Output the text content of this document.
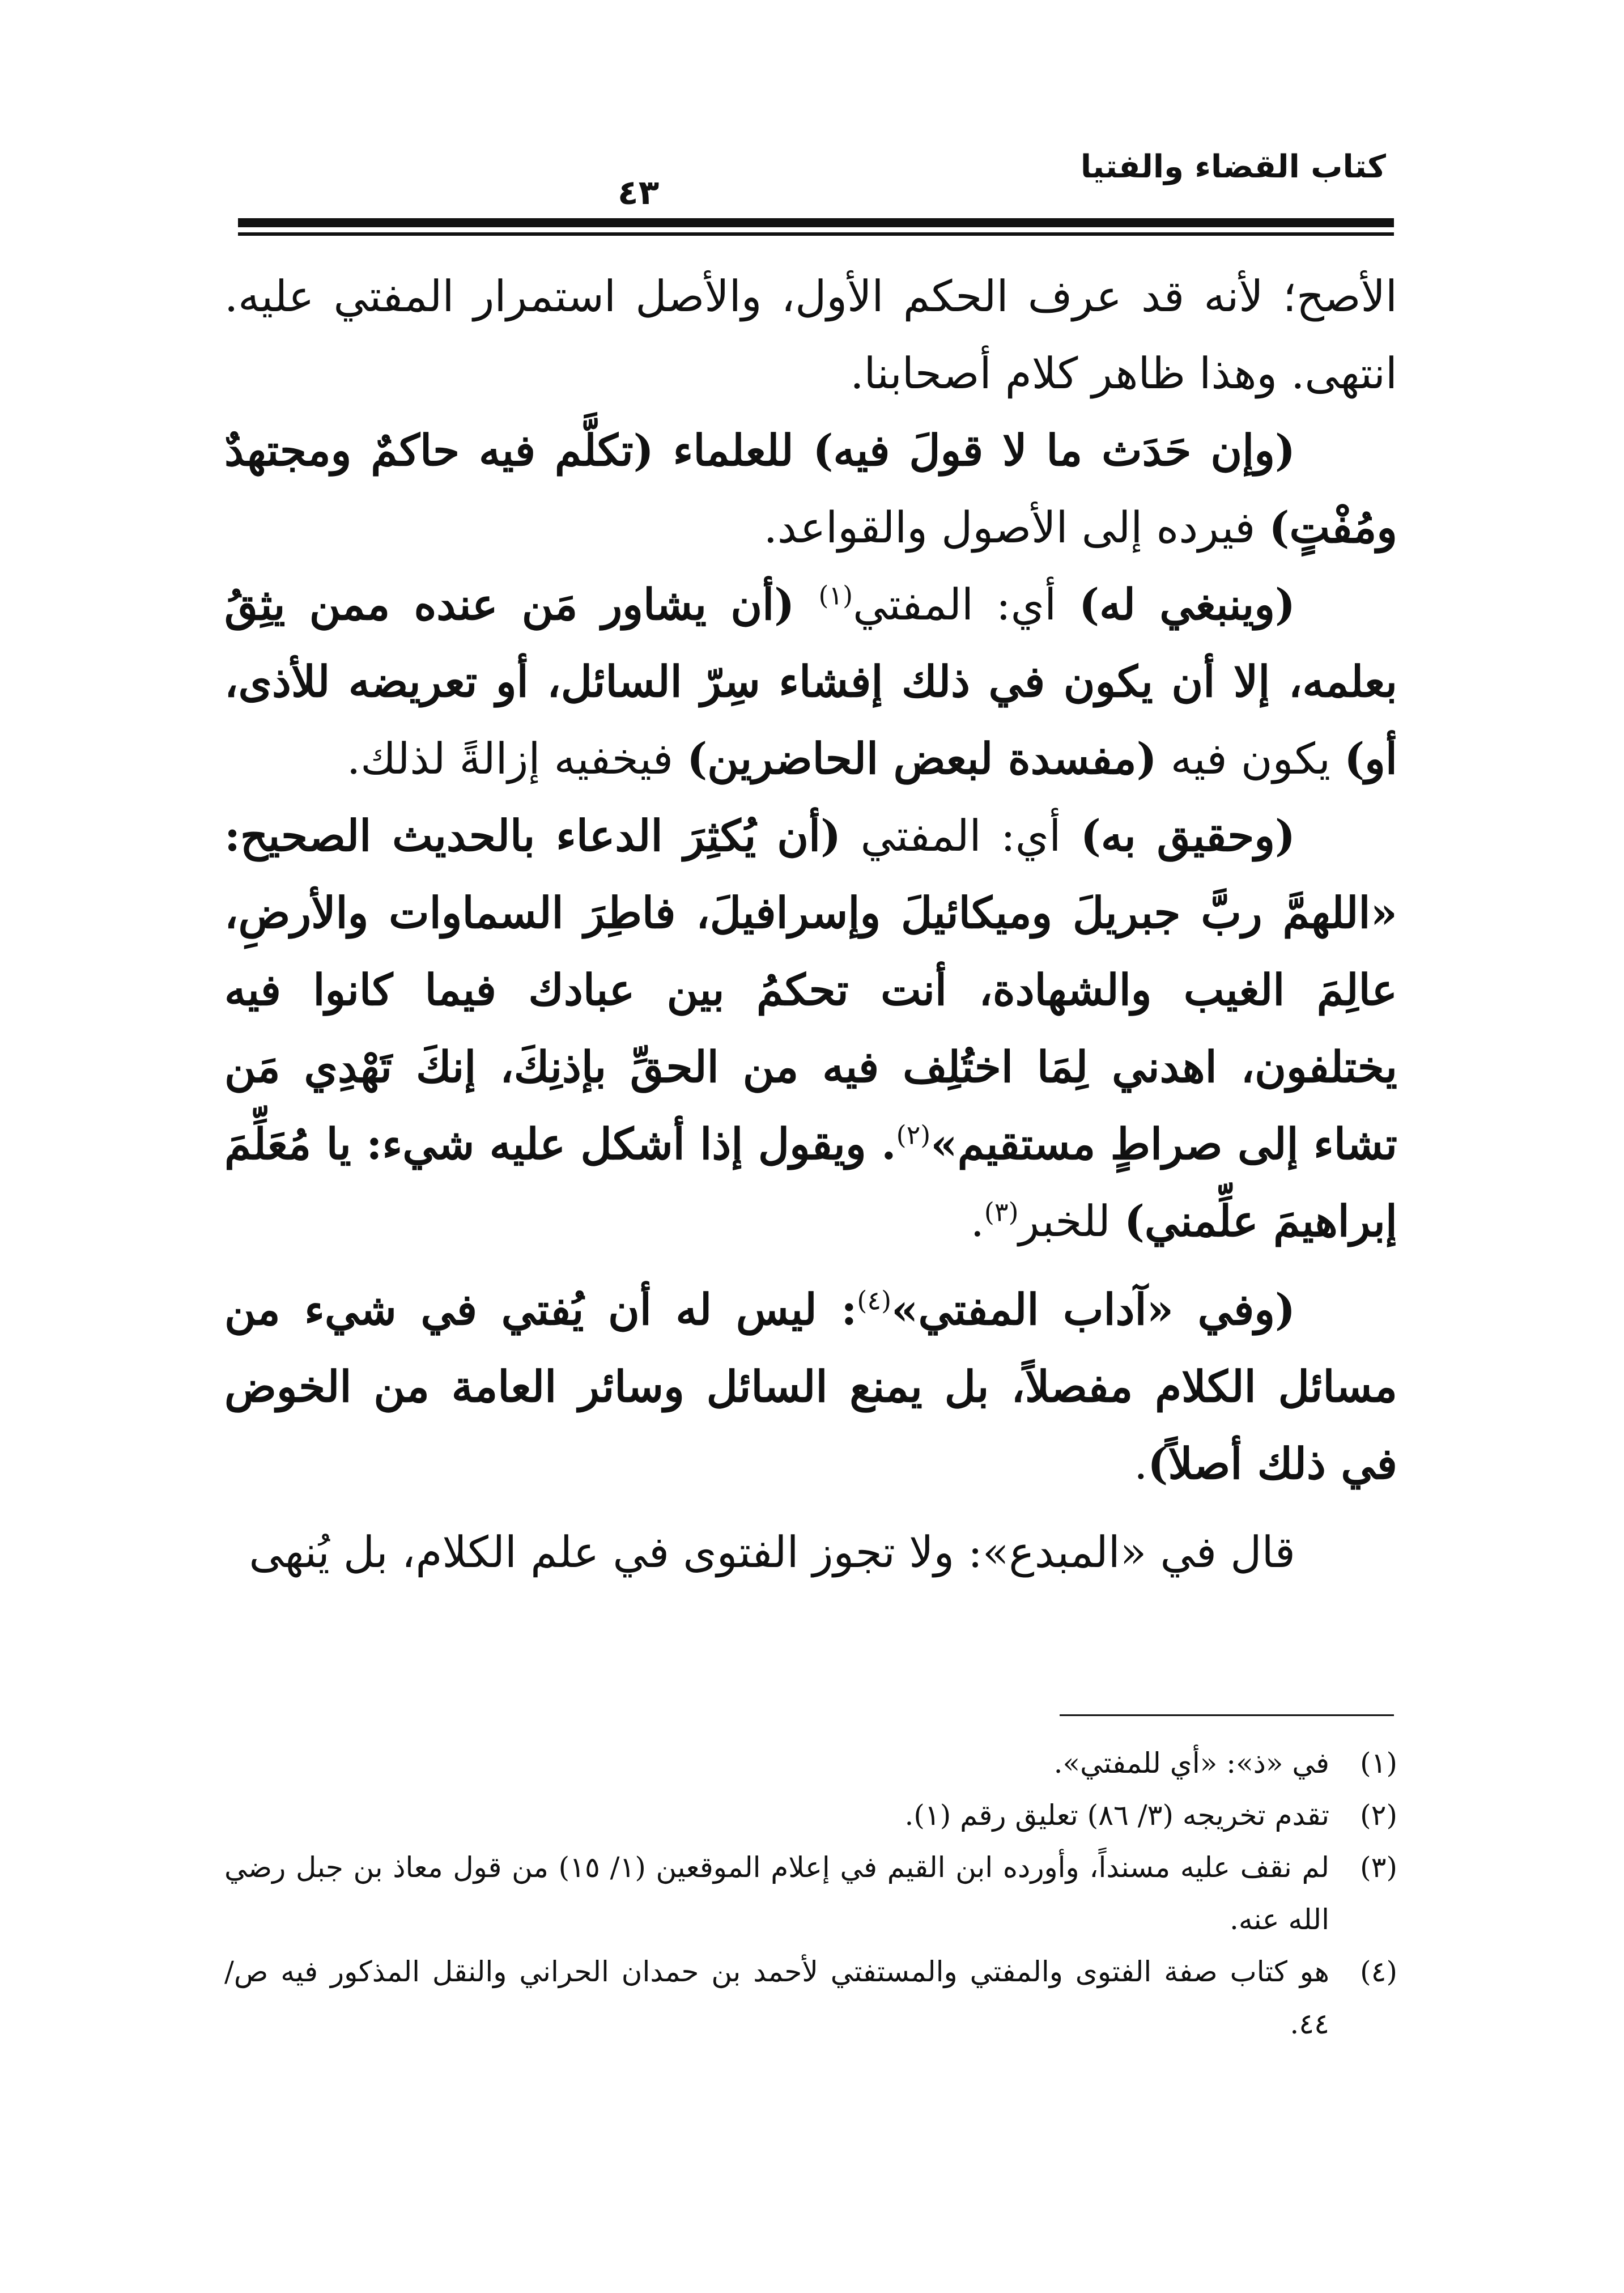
كتاب القضاء والفتيا
٤٣

الأصح؛ لأنه قد عرف الحكم الأول، والأصل استمرار المفتي عليه. انتهى. وهذا ظاهر كلام أصحابنا.

(وإن حَدَث ما لا قولَ فيه) للعلماء (تكلَّم فيه حاكمٌ ومجتهدٌ ومُفْتٍ) فيرده إلى الأصول والقواعد.

(وينبغي له) أي: المفتي$^{(١)}$ (أن يشاور مَن عنده ممن يثِقُ بعلمه، إلا أن يكون في ذلك إفشاء سِرّ السائل، أو تعريضه للأذى، أو) يكون فيه (مفسدة لبعض الحاضرين) فيخفيه إزالةً لذلك.

(وحقيق به) أي: المفتي (أن يُكثِرَ الدعاء بالحديث الصحيح: «اللهمَّ ربَّ جبريلَ وميكائيلَ وإسرافيلَ، فاطِرَ السماوات والأرضِ، عالِمَ الغيب والشهادة، أنت تحكمُ بين عبادك فيما كانوا فيه يختلفون، اهدني لِمَا اختُلِف فيه من الحقِّ بإذنِكَ، إنكَ تَهْدِي مَن تشاء إلى صراطٍ مستقيم»$^{(٢)}$. ويقول إذا أشكل عليه شيء: يا مُعَلِّمَ إبراهيمَ علِّمني) للخبر$^{(٣)}$.

(وفي «آداب المفتي»$^{(٤)}$: ليس له أن يُفتي في شيء من مسائل الكلام مفصلاً، بل يمنع السائل وسائر العامة من الخوض في ذلك أصلاً).

قال في «المبدع»: ولا تجوز الفتوى في علم الكلام، بل يُنهى

(١)
في «ذ»: «أي للمفتي».
(٢)
تقدم تخريجه (٣/ ٨٦) تعليق رقم (١).
(٣)
لم نقف عليه مسنداً، وأورده ابن القيم في إعلام الموقعين (١/ ١٥) من قول معاذ بن جبل رضي الله عنه.
(٤)
هو كتاب صفة الفتوى والمفتي والمستفتي لأحمد بن حمدان الحراني والنقل المذكور فيه ص/ ٤٤.
